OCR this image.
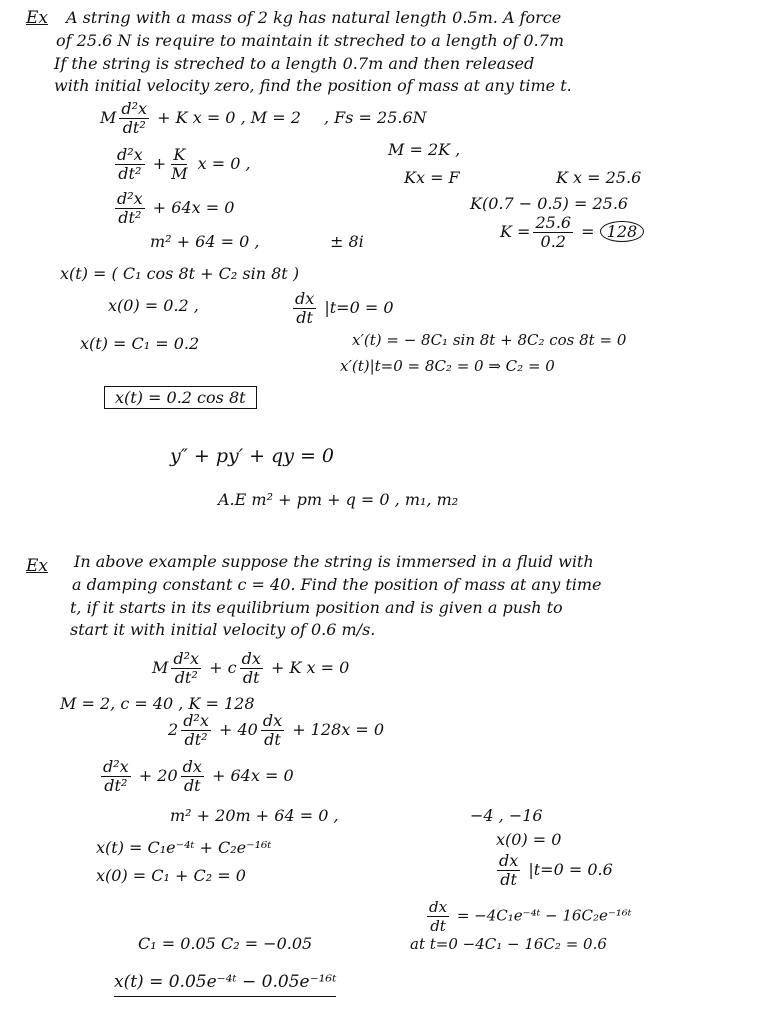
Ex A string with a mass of 2 kg has natural length 0.5m. A force
of 25.6 N is require to maintain it streched to a length of 0.7m
If the string is streched to a length 0.7m and then released
with initial velocity zero, find the position of mass at any time t.
M $\frac{\text{d²x}}{\text{dt²}} + K$ x = 0 , M = 2 , Fs = 25.6N
$\frac{\text{d²x}}{\text{dt²}} + \frac{K}{M}$ x = 0 ,
M = 2K ,
Kx = F	K x = 25.6
$\frac{\text{d²x}}{\text{dt²}} + 64x = 0$	K(0.7 − 0.5) = 25.6
$K = \frac{25.6}{0.2} = 128$
m² + 64 = 0 ,	± 8i
x(t) = ( C₁ cos 8t + C₂ sin 8t )
x(0) = 0.2 ,	$\frac{dx}{dt} |t=0 = 0$
x(t) = C₁ = 0.2	x′(t) = − 8C₁ sin 8t + 8C₂ cos 8t = 0
x′(t)|t=0 = 8C₂ = 0 ⇒ C₂ = 0
x(t) = 0.2 cos 8t
y″ + py′ + qy = 0
A.E m² + pm + q = 0 , m₁, m₂
Ex In above example suppose the string is immersed in a fluid with
a damping constant c = 40. Find the position of mass at any time
t, if it starts in its equilibrium position and is given a push to
start it with initial velocity of 0.6 m/s.
M $\frac{\text{d²x}}{\text{dt²}} + c \frac{dx}{dt} + K$ x = 0
M = 2, c = 40 , K = 128
$2 \frac{\text{d²x}}{\text{dt²}} + 40 \frac{dx}{dt} + 128x = 0$
$\frac{\text{d²x}}{\text{dt²}} + 20 \frac{dx}{dt} + 64x = 0$
m² + 20m + 64 = 0 ,	−4 , −16
x(t) = C₁e⁻⁴ᵗ + C₂e⁻¹⁶ᵗ	x(0) = 0
$\frac{dx}{dt} |t=0 = 0.6$
x(0) = C₁ + C₂ = 0
$\frac{dx}{dt}$ = −4C₁e⁻⁴ᵗ − 16C₂e⁻¹⁶ᵗ
C₁ = 0.05 C₂ = −0.05	at t=0 −4C₁ − 16C₂ = 0.6
x(t) = 0.05e⁻⁴ᵗ − 0.05e⁻¹⁶ᵗ
